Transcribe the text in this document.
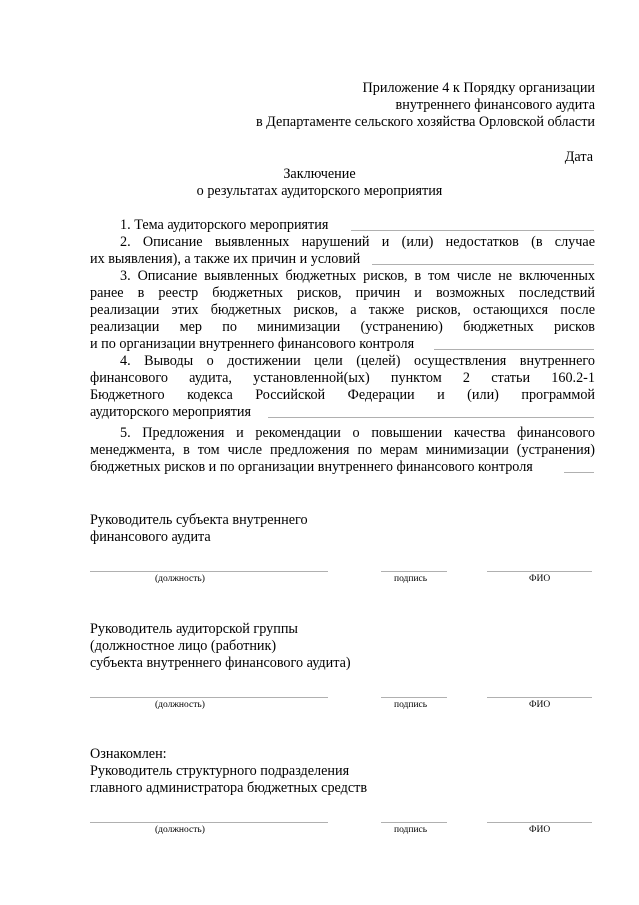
Приложение 4 к Порядку организации
внутреннего финансового аудита
в Департаменте сельского хозяйства Орловской области
Дата
Заключение
о результатах аудиторского мероприятия
1. Тема аудиторского мероприятия
2. Описание выявленных нарушений и (или) недостатков (в случае
их выявления), а также их причин и условий
3. Описание выявленных бюджетных рисков, в том числе не включенных
ранее в реестр бюджетных рисков, причин и возможных последствий
реализации этих бюджетных рисков, а также рисков, остающихся после
реализации мер по минимизации (устранению) бюджетных рисков
и по организации внутреннего финансового контроля
4. Выводы о достижении цели (целей) осуществления внутреннего
финансового аудита, установленной(ых) пунктом 2 статьи 160.2-1
Бюджетного кодекса Российской Федерации и (или) программой
аудиторского мероприятия
5. Предложения и рекомендации о повышении качества финансового
менеджмента, в том числе предложения по мерам минимизации (устранения)
бюджетных рисков и по организации внутреннего финансового контроля
Руководитель субъекта внутреннего
финансового аудита
(должность)	подпись	ФИО
Руководитель аудиторской группы
(должностное лицо (работник)
субъекта внутреннего финансового аудита)
(должность)	подпись	ФИО
Ознакомлен:
Руководитель структурного подразделения
главного администратора бюджетных средств
(должность)	подпись	ФИО
